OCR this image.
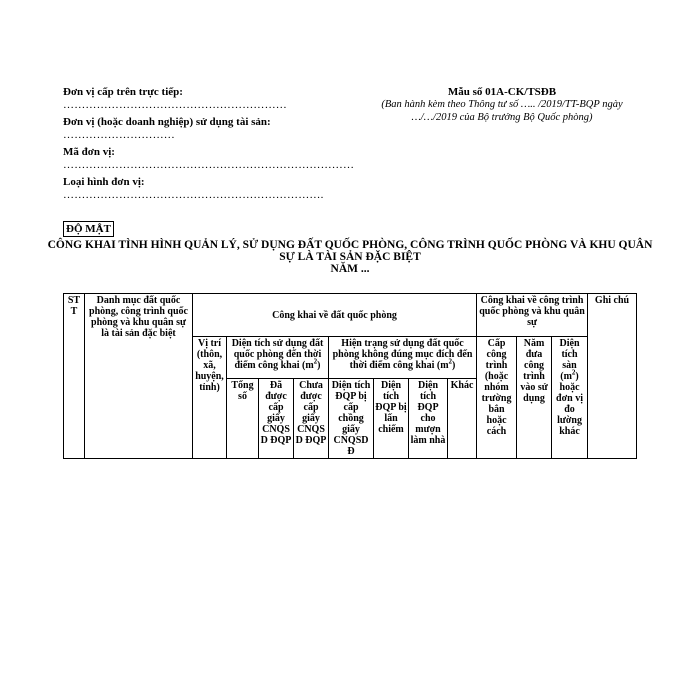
Đơn vị cấp trên trực tiếp:
……………………………………………………
Đơn vị (hoặc doanh nghiệp) sử dụng tài sản:
…………………………
Mã đơn vị:
……………………………………………………………………
Loại hình đơn vị:
…………………………………………………………….
Mẫu số 01A-CK/TSĐB
(Ban hành kèm theo Thông tư số ….. /2019/TT-BQP ngày
…/…/2019 của Bộ trưởng Bộ Quốc phòng)
ĐỘ MẬT
CÔNG KHAI TÌNH HÌNH QUẢN LÝ, SỬ DỤNG ĐẤT QUỐC PHÒNG, CÔNG TRÌNH QUỐC PHÒNG VÀ KHU QUÂN
SỰ LÀ TÀI SẢN ĐẶC BIỆT
NĂM ...
STT	Danh mục đất quốc phòng, công trình quốc phòng và khu quân sự là tài sản đặc biệt	Công khai về đất quốc phòng								Công khai về công trình quốc phòng và khu quân sự			Ghi chú
		Vị trí (thôn, xã, huyện, tỉnh)	Diện tích sử dụng đất quốc phòng đến thời điểm công khai $(m^2)$			Hiện trạng sử dụng đất quốc phòng không đúng mục đích đến thời điểm công khai $(m^2)$				Cấp công trình (hoặc nhóm trường bắn hoặc cách	Năm đưa công trình vào sử dụng	Diện tích sàn $(m^2)$ hoặc đơn vị đo lường khác	
			Tổng số	Đã được cấp giấy CNQSD ĐQP	Chưa được cấp giấy CNQSD ĐQP	Diện tích ĐQP bị cấp chồng giấy CNQSDĐ	Diện tích ĐQP bị lấn chiếm	Diện tích ĐQP cho mượn làm nhà	Khác				
